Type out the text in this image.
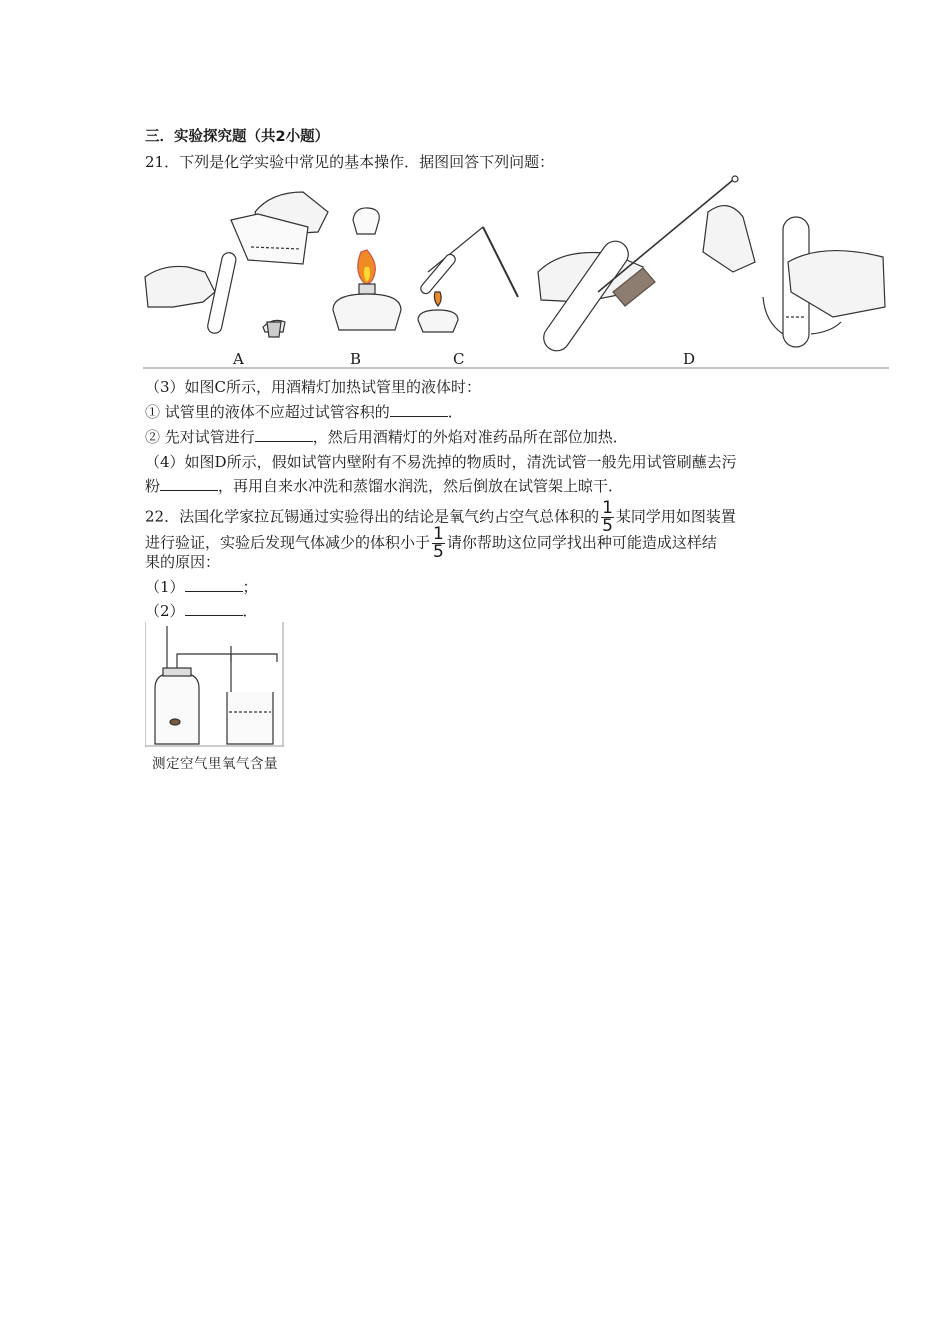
三．实验探究题（共2小题）
21．下列是化学实验中常见的基本操作．据图回答下列问题：
A	B	C	D
（3）如图C所示，用酒精灯加热试管里的液体时：
① 试管里的液体不应超过试管容积的	．
② 先对试管进行	，然后用酒精灯的外焰对准药品所在部位加热．
（4）如图D所示，假如试管内壁附有不易洗掉的物质时，清洗试管一般先用试管刷蘸去污
粉	，再用自来水冲洗和蒸馏水润洗，然后倒放在试管架上晾干．
22．法国化学家拉瓦锡通过实验得出的结论是氧气约占空气总体积的 $\frac{1}{5}$ 某同学用如图装置
进行验证，实验后发现气体减少的体积小于 $\frac{1}{5}$ 请你帮助这位同学找出种可能造成这样结
果的原因：
（1）	；
（2）	．
测定空气里氧气含量
